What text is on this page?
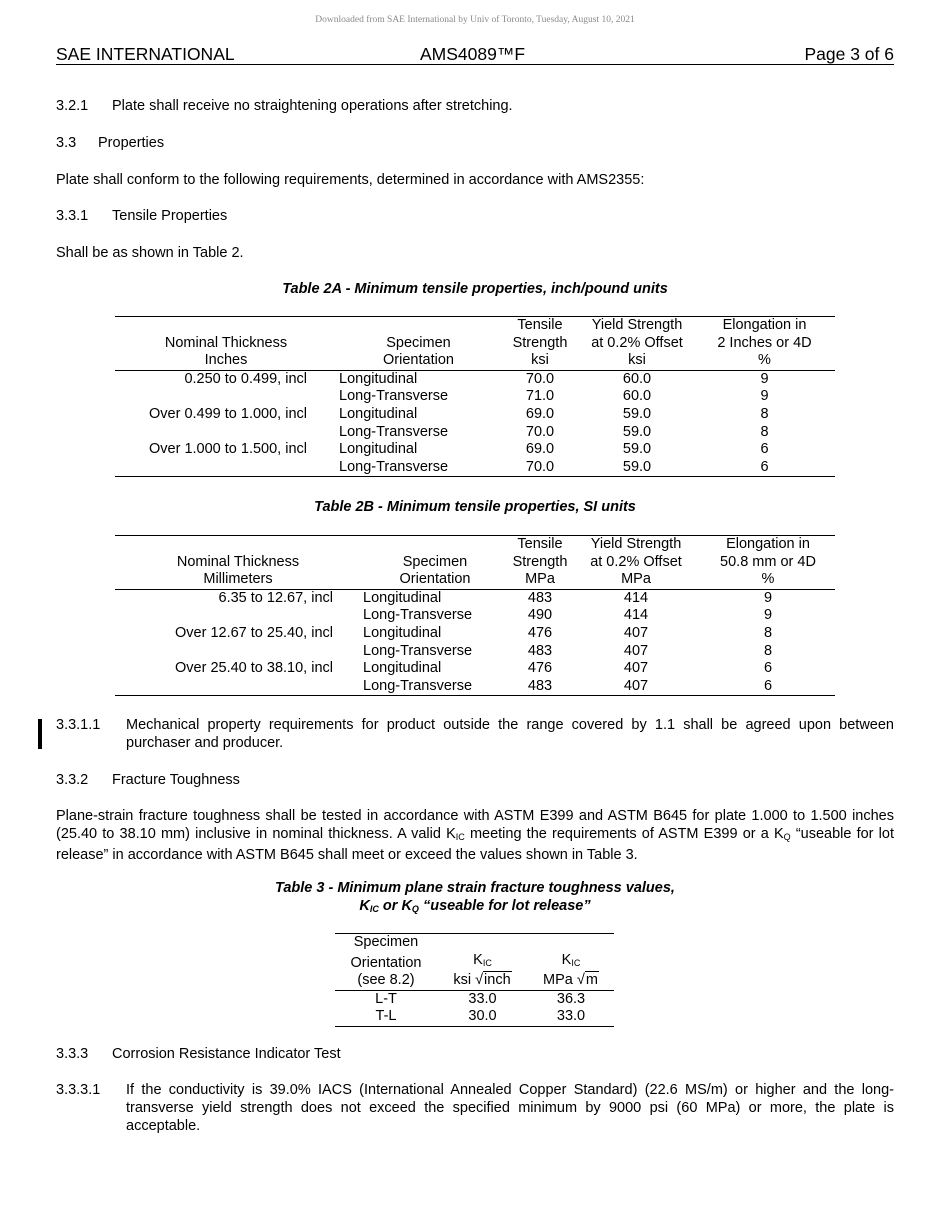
Downloaded from SAE International by Univ of Toronto, Tuesday, August 10, 2021
SAE INTERNATIONAL	AMS4089™F	Page 3 of 6
3.2.1 Plate shall receive no straightening operations after stretching.
3.3 Properties
Plate shall conform to the following requirements, determined in accordance with AMS2355:
3.3.1 Tensile Properties
Shall be as shown in Table 2.
Table 2A - Minimum tensile properties, inch/pound units
		Tensile	Yield Strength	Elongation in
Nominal Thickness	Specimen	Strength	at 0.2% Offset	2 Inches or 4D
Inches	Orientation	ksi	ksi	%
0.250 to 0.499, incl	Longitudinal	70.0	60.0	9
	Long-Transverse	71.0	60.0	9
Over 0.499 to 1.000, incl	Longitudinal	69.0	59.0	8
	Long-Transverse	70.0	59.0	8
Over 1.000 to 1.500, incl	Longitudinal	69.0	59.0	6
	Long-Transverse	70.0	59.0	6
Table 2B - Minimum tensile properties, SI units
		Tensile	Yield Strength	Elongation in
Nominal Thickness	Specimen	Strength	at 0.2% Offset	50.8 mm or 4D
Millimeters	Orientation	MPa	MPa	%
6.35 to 12.67, incl	Longitudinal	483	414	9
	Long-Transverse	490	414	9
Over 12.67 to 25.40, incl	Longitudinal	476	407	8
	Long-Transverse	483	407	8
Over 25.40 to 38.10, incl	Longitudinal	476	407	6
	Long-Transverse	483	407	6
3.3.1.1 Mechanical property requirements for product outside the range covered by 1.1 shall be agreed upon between purchaser and producer.
3.3.2 Fracture Toughness
Plane-strain fracture toughness shall be tested in accordance with ASTM E399 and ASTM B645 for plate 1.000 to 1.500 inches (25.40 to 38.10 mm) inclusive in nominal thickness. A valid $K_{IC}$ meeting the requirements of ASTM E399 or a $K_Q$ “useable for lot release” in accordance with ASTM B645 shall meet or exceed the values shown in Table 3.
Table 3 - Minimum plane strain fracture toughness values,
$K_{IC}$ or $K_Q$ “useable for lot release”
Specimen		
Orientation	$K_{IC}$	$K_{IC}$
(see 8.2)	ksi √inch	MPa √m
L-T	33.0	36.3
T-L	30.0	33.0
3.3.3 Corrosion Resistance Indicator Test
3.3.3.1 If the conductivity is 39.0% IACS (International Annealed Copper Standard) (22.6 MS/m) or higher and the long-transverse yield strength does not exceed the specified minimum by 9000 psi (60 MPa) or more, the plate is acceptable.
